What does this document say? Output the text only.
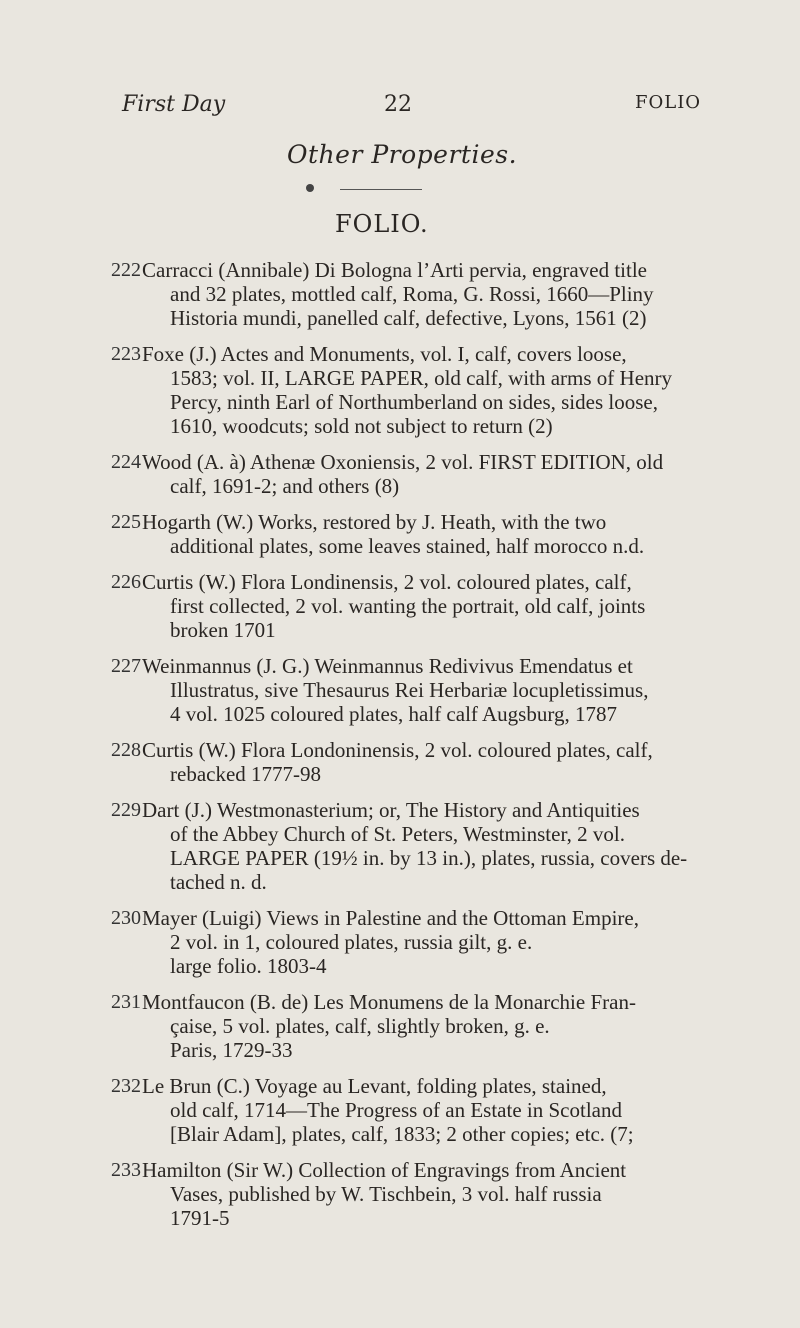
First Day	22	FOLIO
Other Properties.
FOLIO.
222 Carracci (Annibale) Di Bologna l’Arti pervia, engraved title
and 32 plates, mottled calf, Roma, G. Rossi, 1660—Pliny
Historia mundi, panelled calf, defective, Lyons, 1561 (2)
223 Foxe (J.) Actes and Monuments, vol. I, calf, covers loose,
1583; vol. II, LARGE PAPER, old calf, with arms of Henry
Percy, ninth Earl of Northumberland on sides, sides loose,
1610, woodcuts; sold not subject to return (2)
224 Wood (A. à) Athenæ Oxoniensis, 2 vol. FIRST EDITION, old
calf, 1691-2; and others (8)
225 Hogarth (W.) Works, restored by J. Heath, with the two
additional plates, some leaves stained, half morocco n.d.
226 Curtis (W.) Flora Londinensis, 2 vol. coloured plates, calf,
first collected, 2 vol. wanting the portrait, old calf, joints
broken 1701
227 Weinmannus (J. G.) Weinmannus Redivivus Emendatus et
Illustratus, sive Thesaurus Rei Herbariæ locupletissimus,
4 vol. 1025 coloured plates, half calf Augsburg, 1787
228 Curtis (W.) Flora Londoninensis, 2 vol. coloured plates, calf,
rebacked 1777-98
229 Dart (J.) Westmonasterium; or, The History and Antiquities
of the Abbey Church of St. Peters, Westminster, 2 vol.
LARGE PAPER (19½ in. by 13 in.), plates, russia, covers de-
tached n. d.
230 Mayer (Luigi) Views in Palestine and the Ottoman Empire,
2 vol. in 1, coloured plates, russia gilt, g. e.
large folio. 1803-4
231 Montfaucon (B. de) Les Monumens de la Monarchie Fran-
çaise, 5 vol. plates, calf, slightly broken, g. e.
Paris, 1729-33
232 Le Brun (C.) Voyage au Levant, folding plates, stained,
old calf, 1714—The Progress of an Estate in Scotland
[Blair Adam], plates, calf, 1833; 2 other copies; etc. (7;
233 Hamilton (Sir W.) Collection of Engravings from Ancient
Vases, published by W. Tischbein, 3 vol. half russia
1791-5
